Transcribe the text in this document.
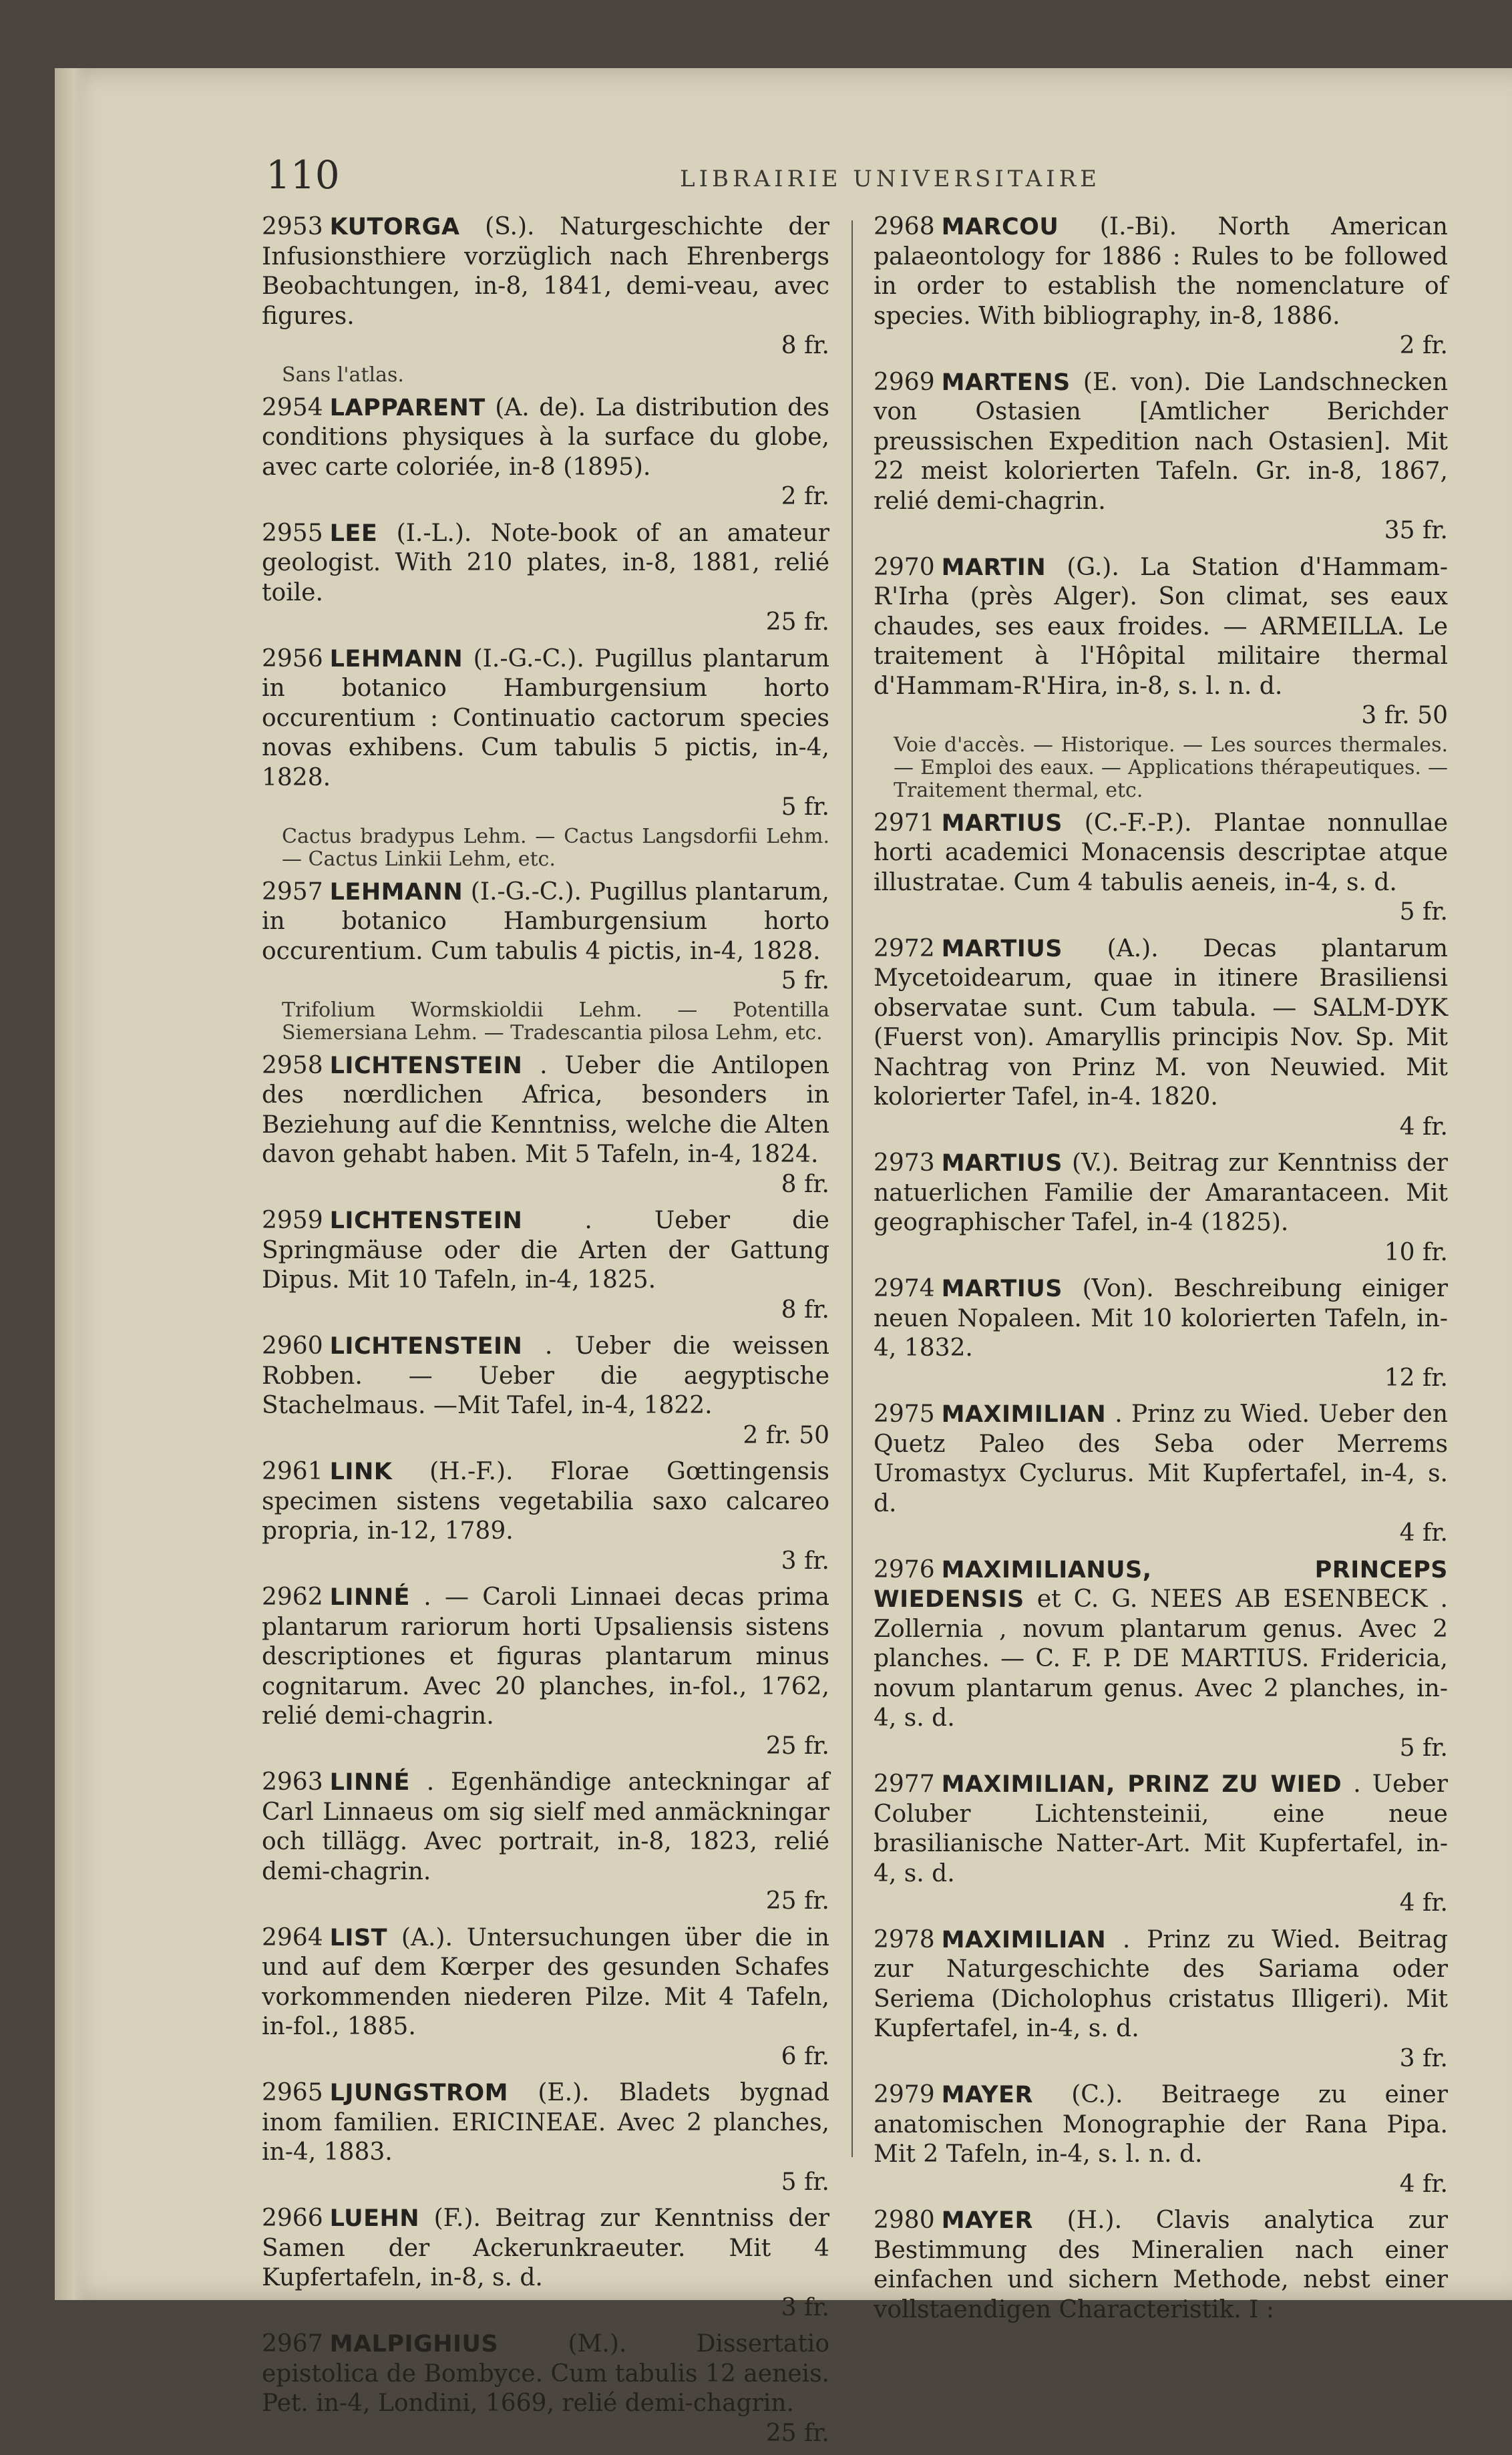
110	LIBRAIRIE UNIVERSITAIRE
2953 KUTORGA (S.). Naturgeschichte der Infusionsthiere vorzüglich nach Ehrenbergs Beobachtungen, in-8, 1841, demi-veau, avec figures.
8 fr.
Sans l'atlas.
2954 LAPPARENT (A. de). La distribution des conditions physiques à la surface du globe, avec carte coloriée, in-8 (1895).
2 fr.
2955 LEE (I.-L.). Note-book of an amateur geologist. With 210 plates, in-8, 1881, relié toile.
25 fr.
2956 LEHMANN (I.-G.-C.). Pugillus plantarum in botanico Hamburgensium horto occurentium : Continuatio cactorum species novas exhibens. Cum tabulis 5 pictis, in-4, 1828.
5 fr.
Cactus bradypus Lehm. — Cactus Langsdorfii Lehm. — Cactus Linkii Lehm, etc.
2957 LEHMANN (I.-G.-C.). Pugillus plantarum, in botanico Hamburgensium horto occurentium. Cum tabulis 4 pictis, in-4, 1828.
5 fr.
Trifolium Wormskioldii Lehm. — Potentilla Siemersiana Lehm. — Tradescantia pilosa Lehm, etc.
2958 LICHTENSTEIN . Ueber die Antilopen des nœrdlichen Africa, besonders in Beziehung auf die Kenntniss, welche die Alten davon gehabt haben. Mit 5 Tafeln, in-4, 1824.
8 fr.
2959 LICHTENSTEIN	. Ueber die Springmäuse oder die Arten der Gattung Dipus. Mit 10 Tafeln, in-4, 1825.
8 fr.
2960 LICHTENSTEIN . Ueber die weissen Robben. — Ueber die aegyptische Stachelmaus. —Mit Tafel, in-4, 1822.
2 fr. 50
2961 LINK (H.-F.). Florae Gœttingensis specimen sistens vegetabilia saxo calcareo propria, in-12, 1789.
3 fr.
2962 LINNÉ . — Caroli Linnaei decas prima plantarum rariorum horti Upsaliensis sistens descriptiones et figuras plantarum minus cognitarum. Avec 20 planches, in-fol., 1762, relié demi-chagrin.
25 fr.
2963 LINNÉ . Egenhändige anteckningar af Carl Linnaeus om sig sielf med anmäckningar och tillägg. Avec portrait, in-8, 1823, relié demi-chagrin.
25 fr.
2964 LIST (A.). Untersuchungen über die in und auf dem Kœrper des gesunden Schafes vorkommenden niederen Pilze. Mit 4 Tafeln, in-fol., 1885.
6 fr.
2965 LJUNGSTROM (E.). Bladets bygnad inom familien. ERICINEAE. Avec 2 planches, in-4, 1883.
5 fr.
2966 LUEHN (F.). Beitrag zur Kenntniss der Samen der Ackerunkraeuter. Mit 4 Kupfertafeln, in-8, s. d.
3 fr.
2967 MALPIGHIUS	(M.). Dissertatio epistolica de Bombyce. Cum tabulis 12 aeneis. Pet. in-4, Londini, 1669, relié demi-chagrin.
25 fr.
2968 MARCOU (I.-Bi). North American palaeontology for 1886 : Rules to be followed in order to establish the nomenclature of species. With bibliography, in-8, 1886.
2 fr.
2969 MARTENS (E. von). Die Landschnecken von Ostasien [Amtlicher Berichder preussischen Expedition nach Ostasien]. Mit 22 meist kolorierten Tafeln. Gr. in-8, 1867, relié demi-chagrin.
35 fr.
2970 MARTIN (G.). La Station d'Hammam-R'Irha (près Alger). Son climat, ses eaux chaudes, ses eaux froides. — ARMEILLA. Le traitement à l'Hôpital militaire thermal d'Hammam-R'Hira, in-8, s. l. n. d.
3 fr. 50
Voie d'accès. — Historique. — Les sources thermales. — Emploi des eaux. — Applications thérapeutiques. — Traitement thermal, etc.
2971 MARTIUS (C.-F.-P.). Plantae nonnullae horti academici Monacensis descriptae atque illustratae. Cum 4 tabulis aeneis, in-4, s. d.
5 fr.
2972 MARTIUS (A.). Decas plantarum Mycetoidearum, quae in itinere Brasiliensi observatae sunt. Cum tabula. — SALM-DYK (Fuerst von). Amaryllis principis Nov. Sp. Mit Nachtrag von Prinz M. von Neuwied. Mit kolorierter Tafel, in-4. 1820.
4 fr.
2973 MARTIUS (V.). Beitrag zur Kenntniss der natuerlichen Familie der Amarantaceen. Mit geographischer Tafel, in-4 (1825).
10 fr.
2974 MARTIUS (Von). Beschreibung einiger neuen Nopaleen. Mit 10 kolorierten Tafeln, in-4, 1832.
12 fr.
2975 MAXIMILIAN . Prinz zu Wied. Ueber den Quetz Paleo des Seba oder Merrems Uromastyx Cyclurus. Mit Kupfertafel, in-4, s. d.
4 fr.
2976 MAXIMILIANUS, PRINCEPS WIEDENSIS et C. G. NEES AB ESENBECK . Zollernia , novum plantarum genus. Avec 2 planches. — C. F. P. DE MARTIUS. Fridericia, novum plantarum genus. Avec 2 planches, in-4, s. d.
5 fr.
2977 MAXIMILIAN, PRINZ ZU WIED . Ueber Coluber Lichtensteinii, eine neue brasilianische Natter-Art. Mit Kupfertafel, in-4, s. d.
4 fr.
2978 MAXIMILIAN . Prinz zu Wied. Beitrag zur Naturgeschichte des Sariama oder Seriema (Dicholophus cristatus Illigeri). Mit Kupfertafel, in-4, s. d.
3 fr.
2979 MAYER (C.). Beitraege zu einer anatomischen Monographie der Rana Pipa. Mit 2 Tafeln, in-4, s. l. n. d.
4 fr.
2980 MAYER (H.). Clavis analytica zur Bestimmung des Mineralien nach einer einfachen und sichern Methode, nebst einer vollstaendigen Characteristik. I :
